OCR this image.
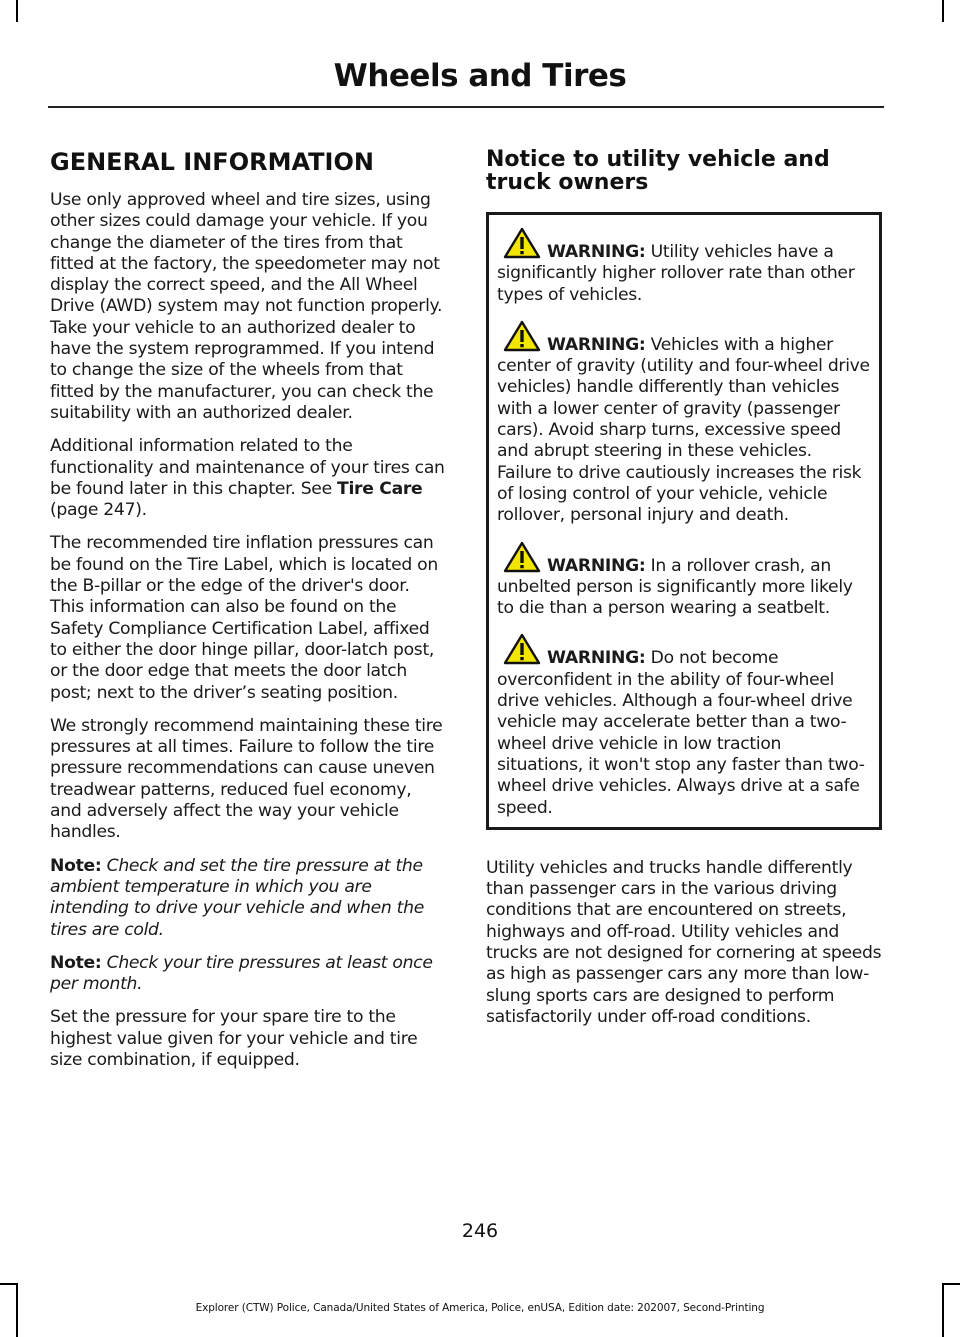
Wheels and Tires
GENERAL INFORMATION

Use only approved wheel and tire sizes, using other sizes could damage your vehicle. If you change the diameter of the tires from that fitted at the factory, the speedometer may not display the correct speed, and the All Wheel Drive (AWD) system may not function properly. Take your vehicle to an authorized dealer to have the system reprogrammed. If you intend to change the size of the wheels from that fitted by the manufacturer, you can check the suitability with an authorized dealer.

Additional information related to the functionality and maintenance of your tires can be found later in this chapter. See Tire Care (page 247).

The recommended tire inflation pressures can be found on the Tire Label, which is located on the B-pillar or the edge of the driver's door. This information can also be found on the Safety Compliance Certification Label, affixed to either the door hinge pillar, door-latch post, or the door edge that meets the door latch post; next to the driver’s seating position.

We strongly recommend maintaining these tire pressures at all times. Failure to follow the tire pressure recommendations can cause uneven treadwear patterns, reduced fuel economy, and adversely affect the way your vehicle handles.

Note: Check and set the tire pressure at the ambient temperature in which you are intending to drive your vehicle and when the tires are cold.

Note: Check your tire pressures at least once per month.

Set the pressure for your spare tire to the highest value given for your vehicle and tire size combination, if equipped.

Notice to utility vehicle and truck owners

WARNING: Utility vehicles have a significantly higher rollover rate than other types of vehicles.

WARNING: Vehicles with a higher center of gravity (utility and four-wheel drive vehicles) handle differently than vehicles with a lower center of gravity (passenger cars). Avoid sharp turns, excessive speed and abrupt steering in these vehicles. Failure to drive cautiously increases the risk of losing control of your vehicle, vehicle rollover, personal injury and death.

WARNING: In a rollover crash, an unbelted person is significantly more likely to die than a person wearing a seatbelt.

WARNING: Do not become overconfident in the ability of four-wheel drive vehicles. Although a four-wheel drive vehicle may accelerate better than a two-wheel drive vehicle in low traction situations, it won't stop any faster than two-wheel drive vehicles. Always drive at a safe speed.

Utility vehicles and trucks handle differently than passenger cars in the various driving conditions that are encountered on streets, highways and off-road. Utility vehicles and trucks are not designed for cornering at speeds as high as passenger cars any more than low-slung sports cars are designed to perform satisfactorily under off-road conditions.

246
Explorer (CTW) Police, Canada/United States of America, Police, enUSA, Edition date: 202007, Second-Printing
